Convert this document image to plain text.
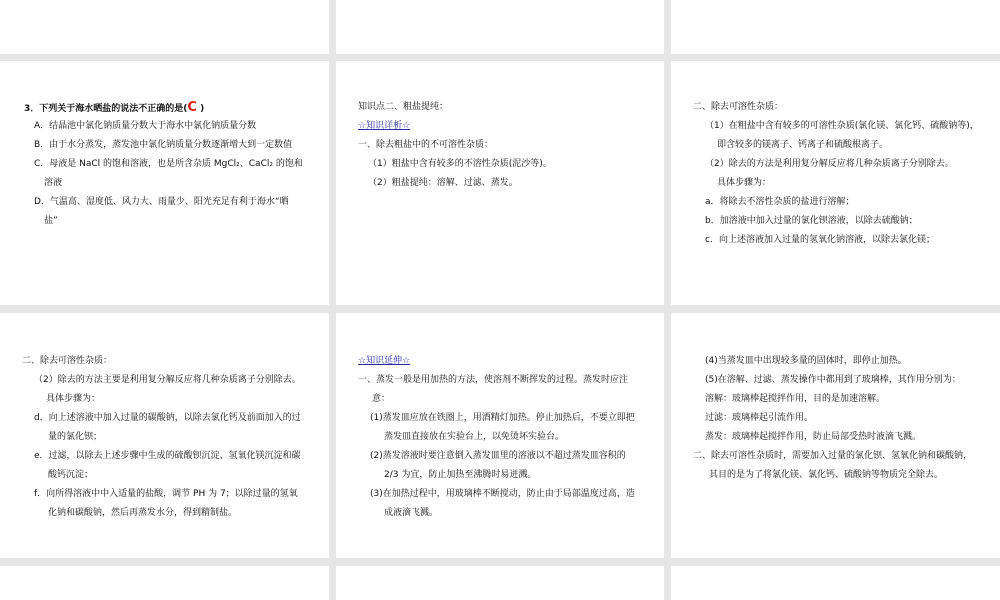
3．下列关于海水晒盐的说法不正确的是(C )
A．结晶池中氯化钠质量分数大于海水中氯化钠质量分数
B．由于水分蒸发，蒸发池中氯化钠质量分数逐渐增大到一定数值
C．母液是 NaCl 的饱和溶液，也是所含杂质 MgCl₂、CaCl₂ 的饱和
溶液
D．气温高、湿度低、风力大、雨量少、阳光充足有利于海水“晒
盐”
知识点二、粗盐提纯：
☆知识详析☆
一、除去粗盐中的不可溶性杂质：
（1）粗盐中含有较多的不溶性杂质(泥沙等)。
（2）粗盐提纯：溶解、过滤、蒸发。
二、除去可溶性杂质：
（1）在粗盐中含有较多的可溶性杂质(氯化镁、氯化钙、硫酸钠等)，
即含较多的镁离子、钙离子和硫酸根离子。
（2）除去的方法是利用复分解反应将几种杂质离子分别除去。
具体步骤为：
a．将除去不溶性杂质的盐进行溶解；
b．加溶液中加入过量的氯化钡溶液，以除去硫酸钠；
c．向上述溶液加入过量的氢氧化钠溶液，以除去氯化镁；
二、除去可溶性杂质：
（2）除去的方法主要是利用复分解反应将几种杂质离子分别除去。
具体步骤为：
d．向上述溶液中加入过量的碳酸钠，以除去氯化钙及前面加入的过
量的氯化钡；
e．过滤，以除去上述步骤中生成的硫酸钡沉淀、氢氧化镁沉淀和碳
酸钙沉淀；
f．向所得溶液中中入适量的盐酸，调节 PH 为 7；以除过量的氢氧
化钠和碳酸钠，然后再蒸发水分，得到精制盐。
☆知识延伸☆
一、蒸发一般是用加热的方法，使溶剂不断挥发的过程。蒸发时应注
意：
(1)蒸发皿应放在铁圈上，用酒精灯加热。停止加热后，不要立即把
蒸发皿直接放在实验台上，以免烫坏实验台。
(2)蒸发溶液时要注意倒入蒸发皿里的溶液以不超过蒸发皿容积的
2/3 为宜，防止加热至沸腾时易迸溅。
(3)在加热过程中，用玻璃棒不断搅动，防止由于局部温度过高，造
成液滴飞溅。
(4)当蒸发皿中出现较多量的固体时，即停止加热。
(5)在溶解、过滤、蒸发操作中都用到了玻璃棒，其作用分别为：
溶解：玻璃棒起搅拌作用，目的是加速溶解。
过滤：玻璃棒起引流作用。
蒸发：玻璃棒起搅拌作用，防止局部受热时液滴飞溅。
二、除去可溶性杂质时，需要加入过量的氯化钡、氢氧化钠和碳酸钠，
其目的是为了将氯化镁、氯化钙、硫酸钠等物质完全除去。
